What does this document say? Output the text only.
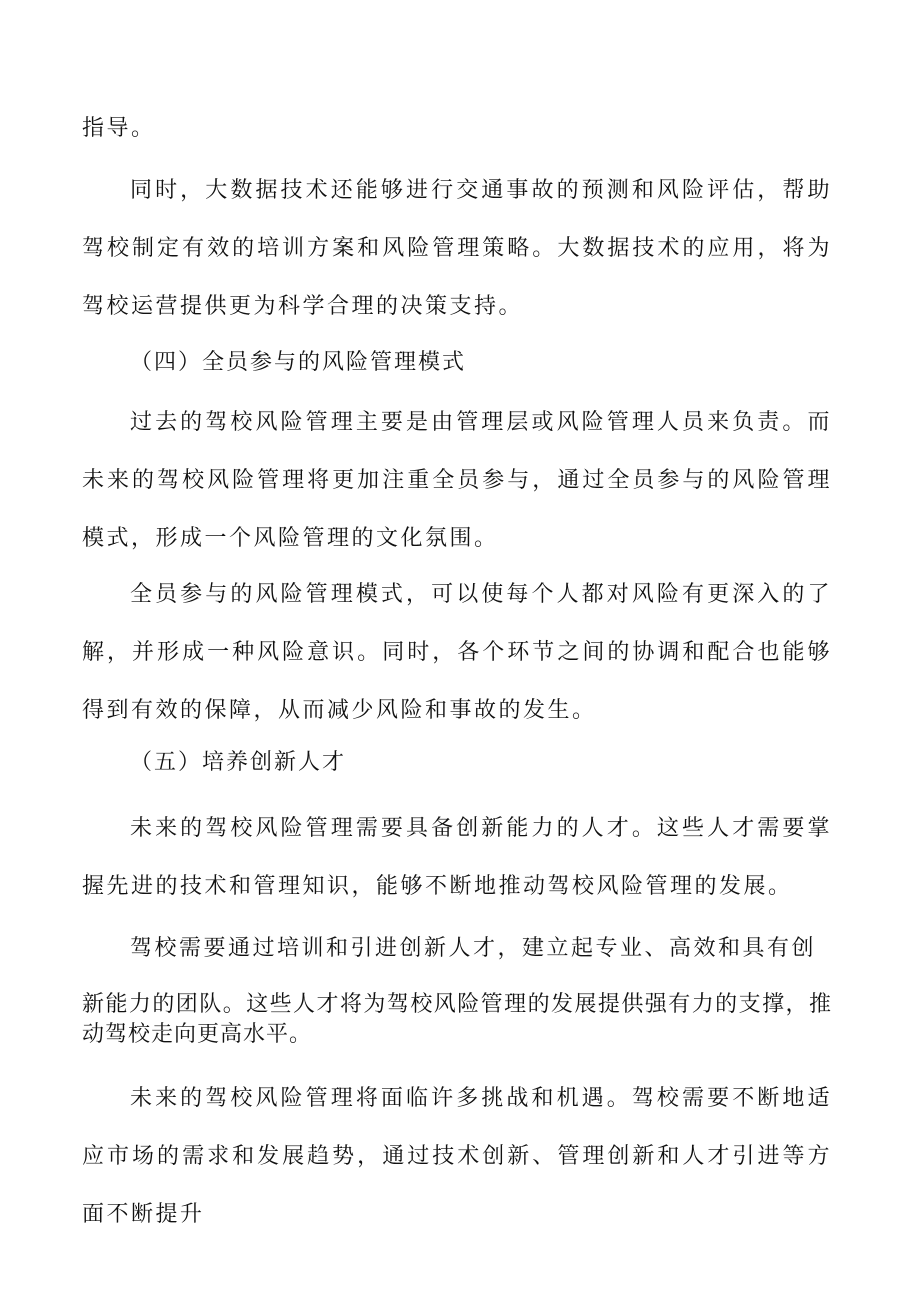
指导。

同时，大数据技术还能够进行交通事故的预测和风险评估，帮助驾校制定有效的培训方案和风险管理策略。大数据技术的应用，将为驾校运营提供更为科学合理的决策支持。

（四）全员参与的风险管理模式

过去的驾校风险管理主要是由管理层或风险管理人员来负责。而未来的驾校风险管理将更加注重全员参与，通过全员参与的风险管理模式，形成一个风险管理的文化氛围。

全员参与的风险管理模式，可以使每个人都对风险有更深入的了解，并形成一种风险意识。同时，各个环节之间的协调和配合也能够得到有效的保障，从而减少风险和事故的发生。

（五）培养创新人才

未来的驾校风险管理需要具备创新能力的人才。这些人才需要掌握先进的技术和管理知识，能够不断地推动驾校风险管理的发展。

驾校需要通过培训和引进创新人才，建立起专业、高效和具有创

新能力的团队。这些人才将为驾校风险管理的发展提供强有力的支撑，推动驾校走向更高水平。

未来的驾校风险管理将面临许多挑战和机遇。驾校需要不断地适应市场的需求和发展趋势，通过技术创新、管理创新和人才引进等方面不断提升
